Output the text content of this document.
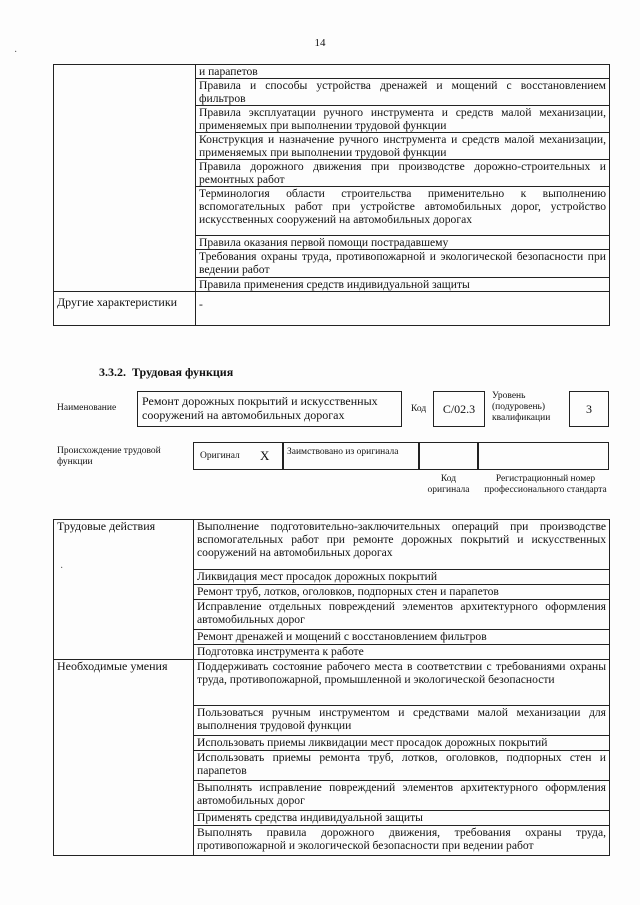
14
·
	и парапетов
	Правила и способы устройства дренажей и мощений с восстановлением фильтров
	Правила эксплуатации ручного инструмента и средств малой механизации, применяемых при выполнении трудовой функции
	Конструкция и назначение ручного инструмента и средств малой механизации, применяемых при выполнении трудовой функции
	Правила дорожного движения при производстве дорожно-строительных и ремонтных работ
	Терминология области строительства применительно к выполнению вспомогательных работ при устройстве автомобильных дорог, устройство искусственных сооружений на автомобильных дорогах
	Правила оказания первой помощи пострадавшему
	Требования охраны труда, противопожарной и экологической безопасности при ведении работ
	Правила применения средств индивидуальной защиты
Другие характеристики	-
3.3.2. Трудовая функция
Наименование	Ремонт дорожных покрытий и искусственных сооружений на автомобильных дорогах	Код	С/02.3
Уровень (подуровень) квалификации
3
Происхождение трудовой функции
Оригинал Х	Заимствовано из оригинала
Код оригинала
Регистрационный номер профессионального стандарта
Трудовые действия	Выполнение подготовительно-заключительных операций при производстве вспомогательных работ при ремонте дорожных покрытий и искусственных сооружений на автомобильных дорогах
	Ликвидация мест просадок дорожных покрытий
	Ремонт труб, лотков, оголовков, подпорных стен и парапетов
	Исправление отдельных повреждений элементов архитектурного оформления автомобильных дорог
	Ремонт дренажей и мощений с восстановлением фильтров
	Подготовка инструмента к работе
Необходимые умения	Поддерживать состояние рабочего места в соответствии с требованиями охраны труда, противопожарной, промышленной и экологической безопасности
	Пользоваться ручным инструментом и средствами малой механизации для выполнения трудовой функции
	Использовать приемы ликвидации мест просадок дорожных покрытий
	Использовать приемы ремонта труб, лотков, оголовков, подпорных стен и парапетов
	Выполнять исправление повреждений элементов архитектурного оформления автомобильных дорог
	Применять средства индивидуальной защиты
	Выполнять правила дорожного движения, требования охраны труда, противопожарной и экологической безопасности при ведении работ
·
